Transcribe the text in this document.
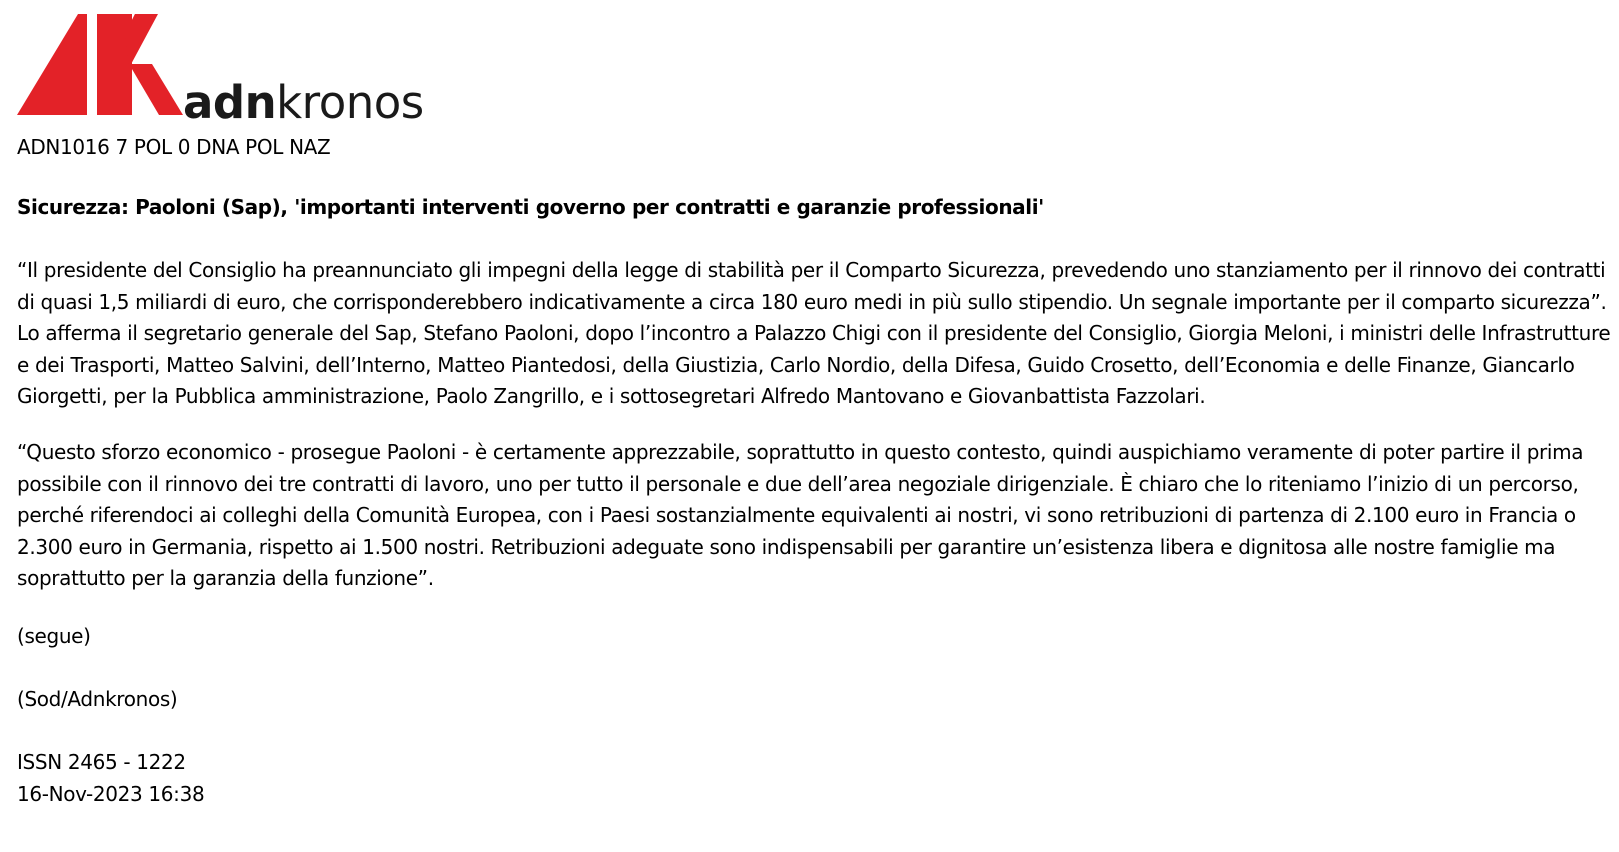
adnkronos

ADN1016 7 POL 0 DNA POL NAZ

Sicurezza: Paoloni (Sap), 'importanti interventi governo per contratti e garanzie professionali'

“Il presidente del Consiglio ha preannunciato gli impegni della legge di stabilità per il Comparto Sicurezza, prevedendo uno stanziamento per il rinnovo dei contratti di quasi 1,5 miliardi di euro, che corrisponderebbero indicativamente a circa 180 euro medi in più sullo stipendio. Un segnale importante per il comparto sicurezza”. Lo afferma il segretario generale del Sap, Stefano Paoloni, dopo l’incontro a Palazzo Chigi con il presidente del Consiglio, Giorgia Meloni, i ministri delle Infrastrutture e dei Trasporti, Matteo Salvini, dell’Interno, Matteo Piantedosi, della Giustizia, Carlo Nordio, della Difesa, Guido Crosetto, dell’Economia e delle Finanze, Giancarlo Giorgetti, per la Pubblica amministrazione, Paolo Zangrillo, e i sottosegretari Alfredo Mantovano e Giovanbattista Fazzolari.

“Questo sforzo economico - prosegue Paoloni - è certamente apprezzabile, soprattutto in questo contesto, quindi auspichiamo veramente di poter partire il prima possibile con il rinnovo dei tre contratti di lavoro, uno per tutto il personale e due dell’area negoziale dirigenziale. È chiaro che lo riteniamo l’inizio di un percorso, perché riferendoci ai colleghi della Comunità Europea, con i Paesi sostanzialmente equivalenti ai nostri, vi sono retribuzioni di partenza di 2.100 euro in Francia o 2.300 euro in Germania, rispetto ai 1.500 nostri. Retribuzioni adeguate sono indispensabili per garantire un’esistenza libera e dignitosa alle nostre famiglie ma soprattutto per la garanzia della funzione”.

(segue)

(Sod/Adnkronos)

ISSN 2465 - 1222

16-Nov-2023 16:38
